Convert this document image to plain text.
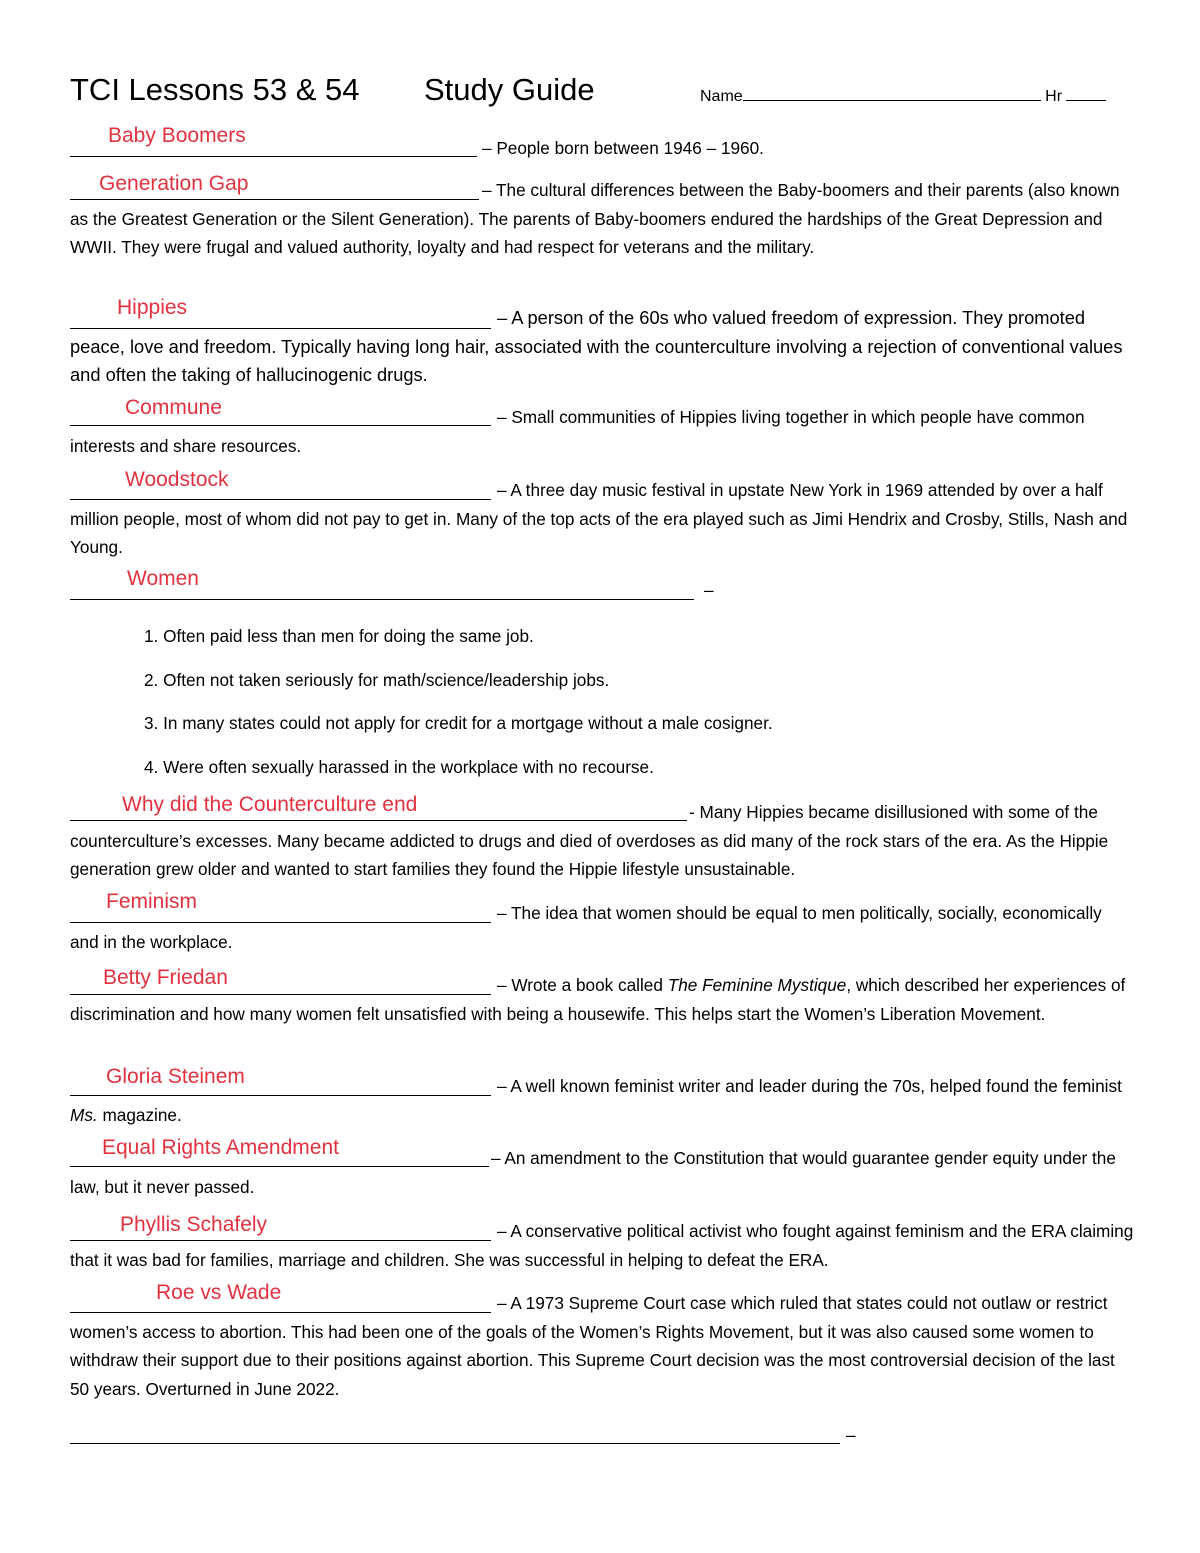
TCI Lessons 53 & 54 Study Guide	Name	Hr
Baby Boomers
– People born between 1946 – 1960.
Generation Gap	– The cultural differences between the Baby-boomers and their parents (also known as the Greatest Generation or the Silent Generation). The parents of Baby-boomers endured the hardships of the Great Depression and WWII. They were frugal and valued authority, loyalty and had respect for veterans and the military.
Hippies	– A person of the 60s who valued freedom of expression. They promoted peace, love and freedom. Typically having long hair, associated with the counterculture involving a rejection of conventional values and often the taking of hallucinogenic drugs.
Commune	– Small communities of Hippies living together in which people have common interests and share resources.
Woodstock	– A three day music festival in upstate New York in 1969 attended by over a half million people, most of whom did not pay to get in. Many of the top acts of the era played such as Jimi Hendrix and Crosby, Stills, Nash and Young.
Women	–
1. Often paid less than men for doing the same job.
2. Often not taken seriously for math/science/leadership jobs.
3. In many states could not apply for credit for a mortgage without a male cosigner.
4. Were often sexually harassed in the workplace with no recourse.
Why did the Counterculture end	- Many Hippies became disillusioned with some of the counterculture’s excesses. Many became addicted to drugs and died of overdoses as did many of the rock stars of the era. As the Hippie generation grew older and wanted to start families they found the Hippie lifestyle unsustainable.
Feminism	– The idea that women should be equal to men politically, socially, economically and in the workplace.
Betty Friedan	– Wrote a book called The Feminine Mystique, which described her experiences of discrimination and how many women felt unsatisfied with being a housewife. This helps start the Women’s Liberation Movement.
Gloria Steinem	– A well known feminist writer and leader during the 70s, helped found the feminist Ms. magazine.
Equal Rights Amendment	– An amendment to the Constitution that would guarantee gender equity under the law, but it never passed.
Phyllis Schafely	– A conservative political activist who fought against feminism and the ERA claiming that it was bad for families, marriage and children. She was successful in helping to defeat the ERA.
Roe vs Wade	– A 1973 Supreme Court case which ruled that states could not outlaw or restrict women’s access to abortion. This had been one of the goals of the Women’s Rights Movement, but it was also caused some women to withdraw their support due to their positions against abortion. This Supreme Court decision was the most controversial decision of the last 50 years. Overturned in June 2022.
–
